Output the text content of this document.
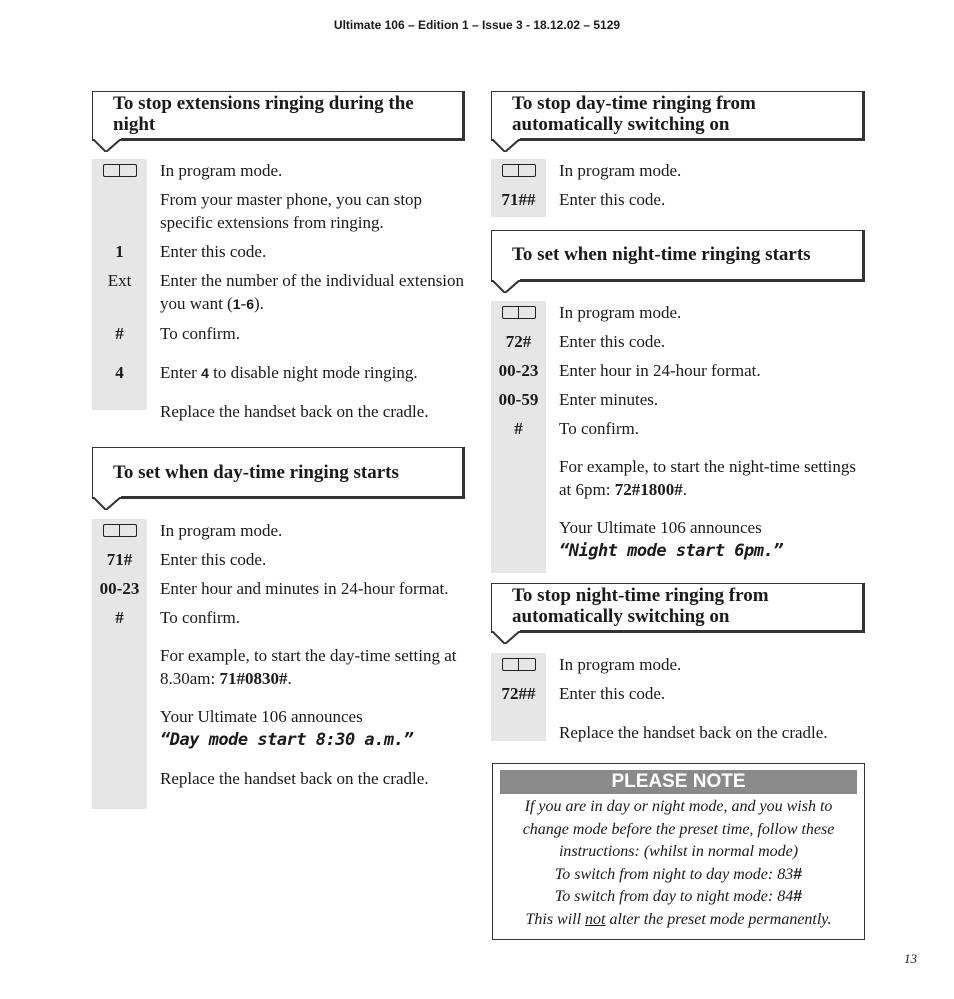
Ultimate 106 – Edition 1 – Issue 3 - 18.12.02 – 5129
To stop extensions ringing during the night
In program mode.
From your master phone, you can stop specific extensions from ringing.
1	Enter this code.
Ext	Enter the number of the individual extension you want (1-6).
#	To confirm.
4	Enter 4 to disable night mode ringing.
Replace the handset back on the cradle.
To set when day-time ringing starts
In program mode.
71#	Enter this code.
00-23	Enter hour and minutes in 24-hour format.
#	To confirm.
For example, to start the day-time setting at 8.30am: 71#0830#.
Your Ultimate 106 announces
“Day mode start 8:30 a.m.”
Replace the handset back on the cradle.
To stop day-time ringing from automatically switching on
In program mode.
71##	Enter this code.
To set when night-time ringing starts
In program mode.
72#	Enter this code.
00-23	Enter hour in 24-hour format.
00-59	Enter minutes.
#	To confirm.
For example, to start the night-time settings at 6pm: 72#1800#.
Your Ultimate 106 announces
“Night mode start 6pm.”
To stop night-time ringing from automatically switching on
In program mode.
72##	Enter this code.
Replace the handset back on the cradle.
PLEASE NOTE
If you are in day or night mode, and you wish to
change mode before the preset time, follow these
instructions: (whilst in normal mode)
To switch from night to day mode: 83#
To switch from day to night mode: 84#
This will not alter the preset mode permanently.
13
